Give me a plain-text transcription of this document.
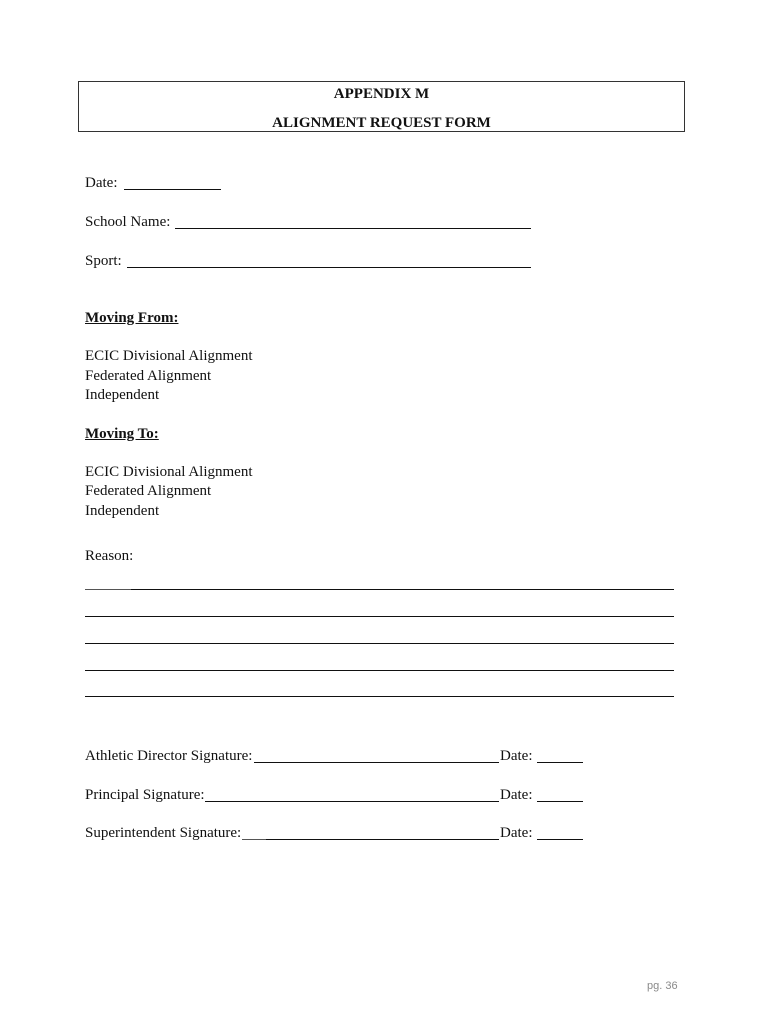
APPENDIX M
ALIGNMENT REQUEST FORM
Date:
School Name:
Sport:
Moving From:
ECIC Divisional Alignment
Federated Alignment
Independent
Moving To:
ECIC Divisional Alignment
Federated Alignment
Independent
Reason:
Athletic Director Signature:	Date:
Principal Signature:	Date:
Superintendent Signature:	Date:
pg. 36
